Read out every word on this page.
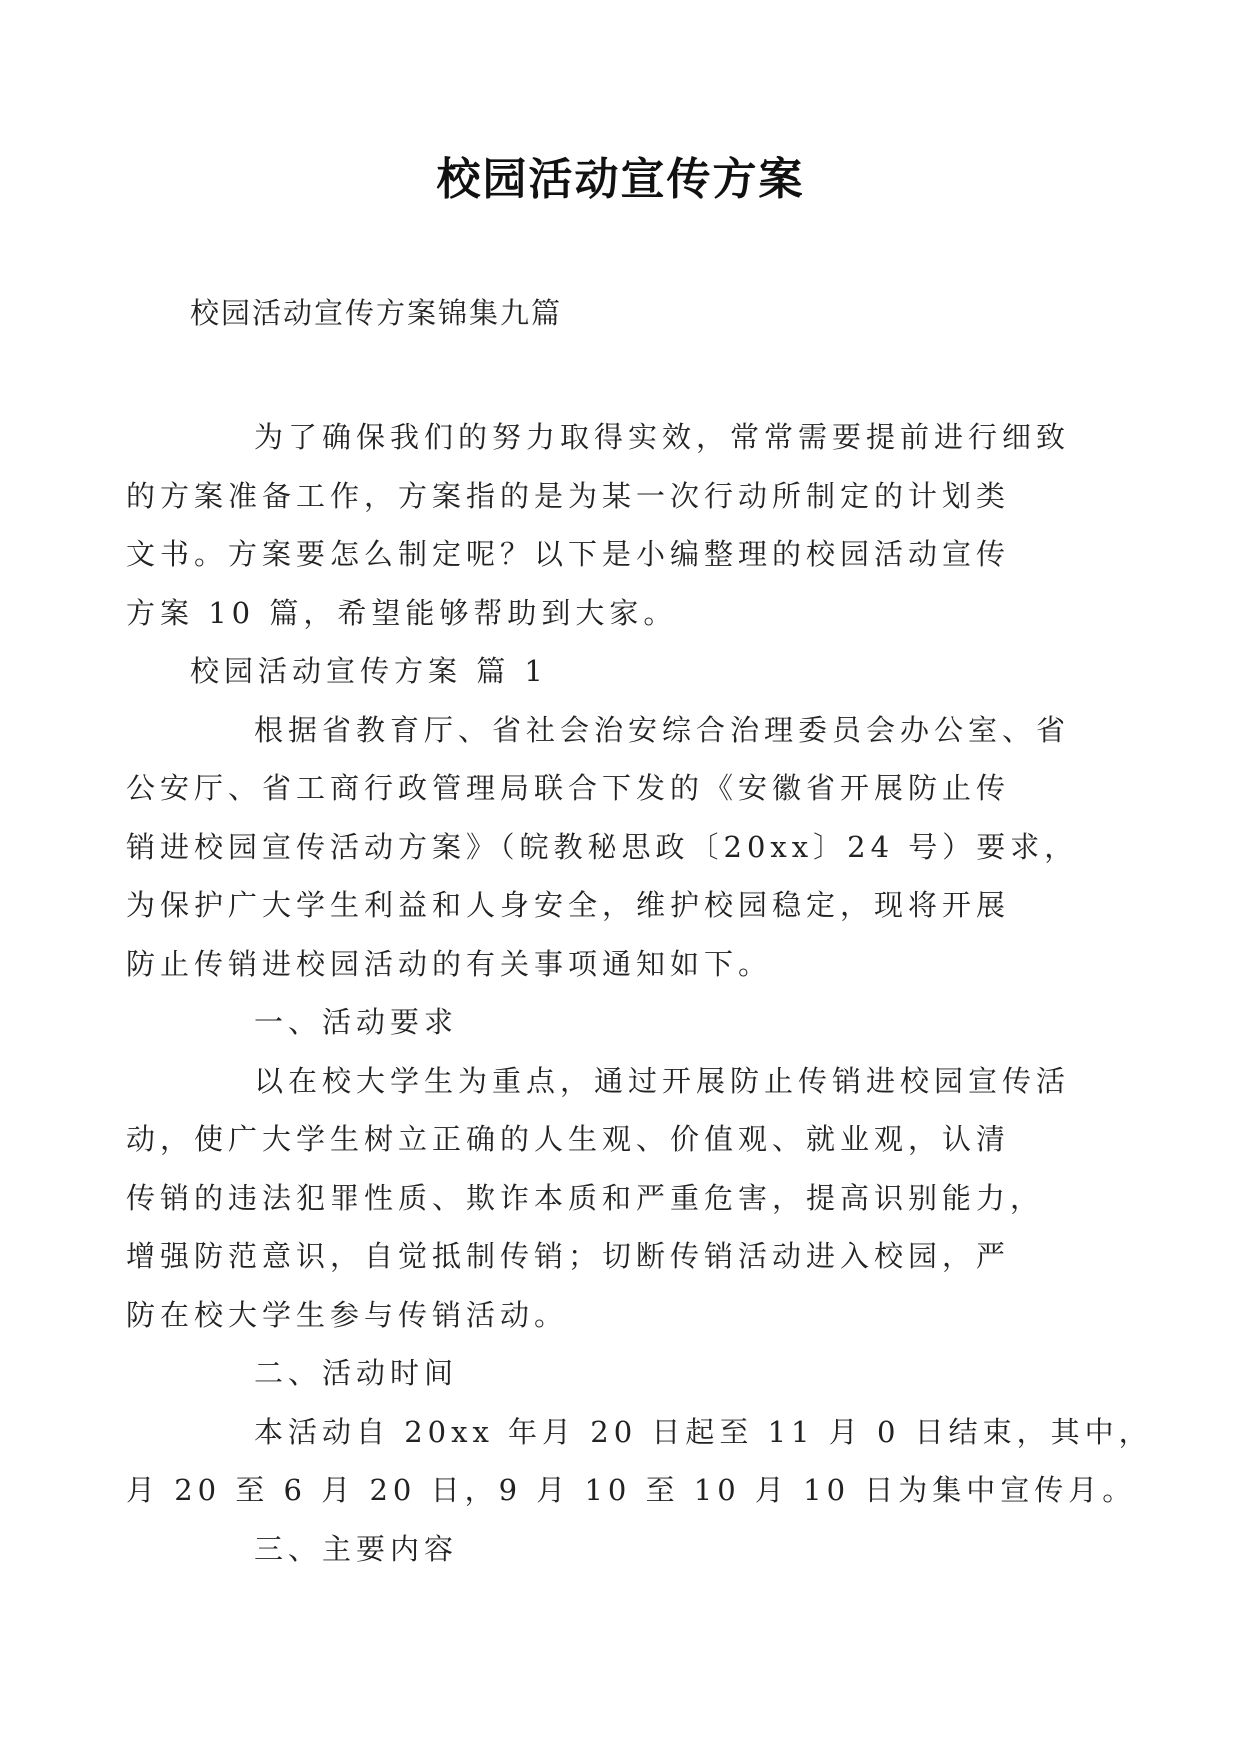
校园活动宣传方案
校园活动宣传方案锦集九篇

为了确保我们的努力取得实效，常常需要提前进行细致
的方案准备工作，方案指的是为某一次行动所制定的计划类
文书。方案要怎么制定呢？以下是小编整理的校园活动宣传
方案 10 篇，希望能够帮助到大家。

校园活动宣传方案 篇 1

根据省教育厅、省社会治安综合治理委员会办公室、省
公安厅、省工商行政管理局联合下发的《安徽省开展防止传
销进校园宣传活动方案》（皖教秘思政〔20xx〕24 号）要求，
为保护广大学生利益和人身安全，维护校园稳定，现将开展
防止传销进校园活动的有关事项通知如下。

一、活动要求

以在校大学生为重点，通过开展防止传销进校园宣传活
动，使广大学生树立正确的人生观、价值观、就业观，认清
传销的违法犯罪性质、欺诈本质和严重危害，提高识别能力，
增强防范意识，自觉抵制传销；切断传销活动进入校园，严
防在校大学生参与传销活动。

二、活动时间

本活动自 20xx 年月 20 日起至 11 月 0 日结束，其中，
月 20 至 6 月 20 日，9 月 10 至 10 月 10 日为集中宣传月。

三、主要内容
